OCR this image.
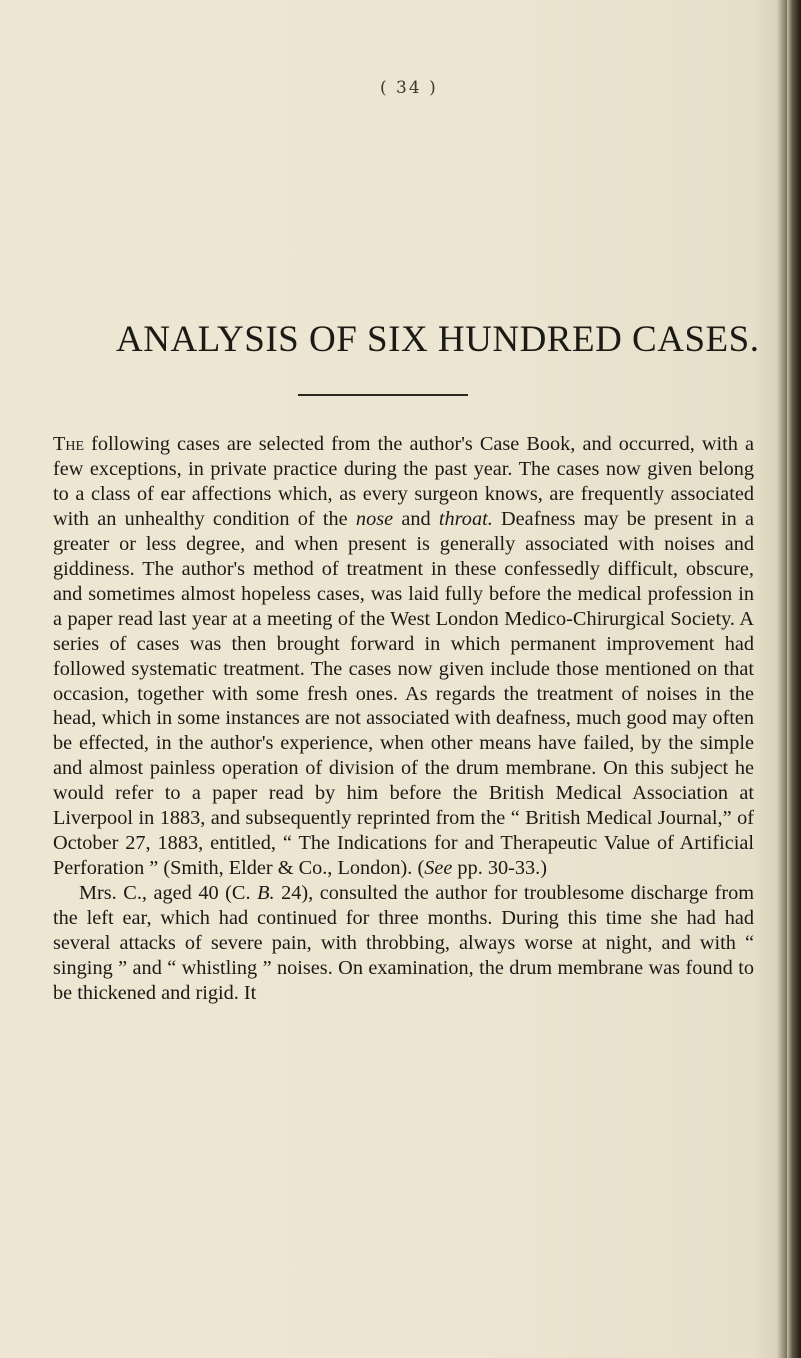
( 34 )
ANALYSIS OF SIX HUNDRED CASES.

The following cases are selected from the author's Case Book, and occurred, with a few exceptions, in private practice during the past year. The cases now given belong to a class of ear affections which, as every surgeon knows, are frequently associated with an unhealthy condition of the nose and throat. Deafness may be present in a greater or less degree, and when present is generally associated with noises and giddiness. The author's method of treatment in these confessedly difficult, obscure, and sometimes almost hopeless cases, was laid fully before the medical profession in a paper read last year at a meeting of the West London Medico-Chirurgical Society. A series of cases was then brought forward in which permanent improvement had followed systematic treatment. The cases now given include those mentioned on that occasion, together with some fresh ones. As regards the treatment of noises in the head, which in some instances are not associated with deafness, much good may often be effected, in the author's experience, when other means have failed, by the simple and almost painless operation of division of the drum membrane. On this subject he would refer to a paper read by him before the British Medical Association at Liverpool in 1883, and subsequently reprinted from the “ British Medical Journal,” of October 27, 1883, entitled, “ The Indications for and Therapeutic Value of Artificial Perforation ” (Smith, Elder & Co., London). (See pp. 30-33.)

Mrs. C., aged 40 (C. B. 24), consulted the author for troublesome discharge from the left ear, which had continued for three months. During this time she had had several attacks of severe pain, with throbbing, always worse at night, and with “ singing ” and “ whistling ” noises. On examination, the drum membrane was found to be thickened and rigid. It
